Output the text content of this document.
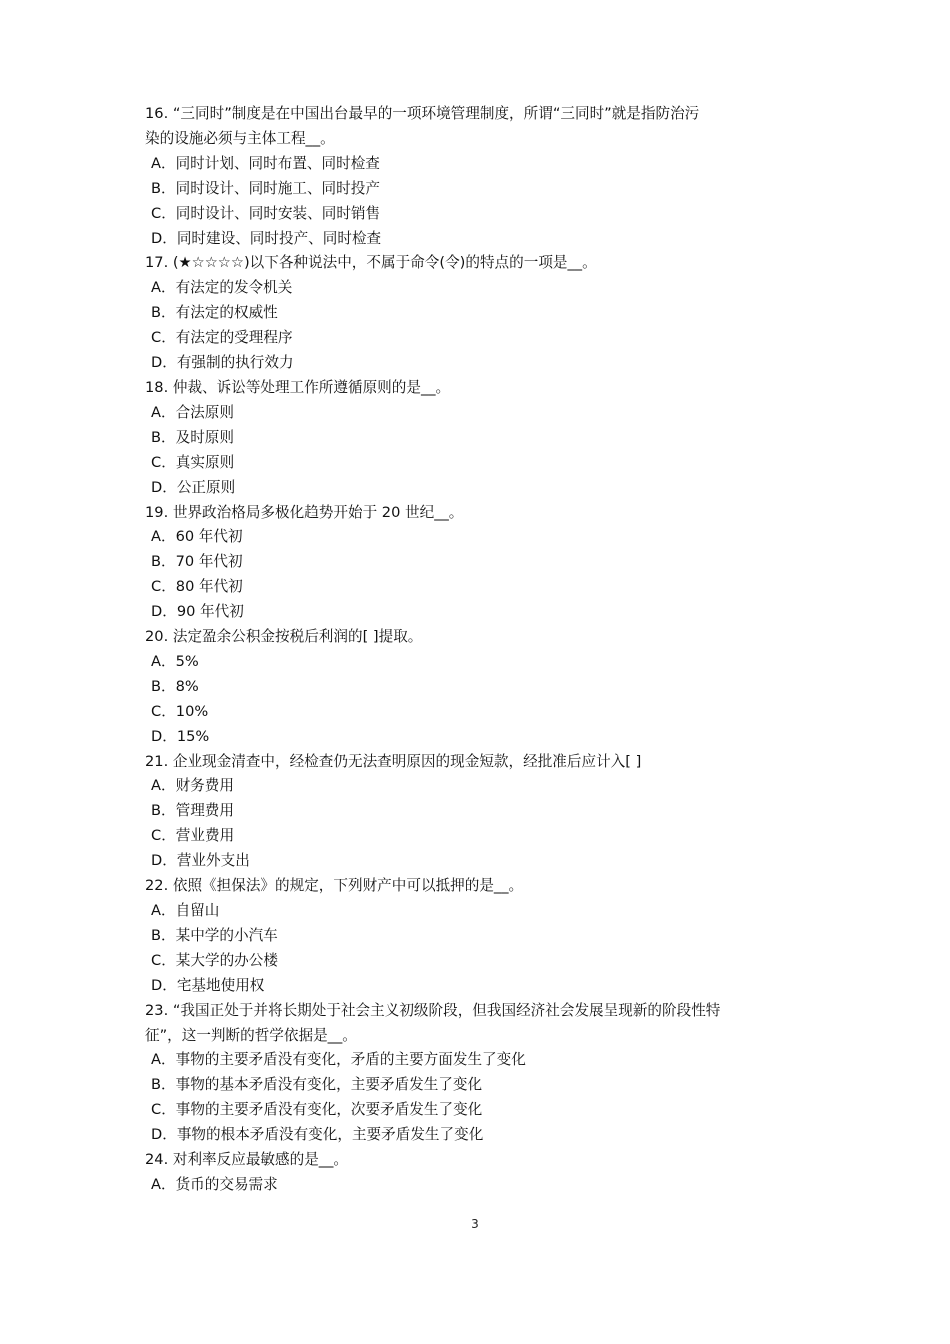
16. “三同时”制度是在中国出台最早的一项环境管理制度，所谓“三同时”就是指防治污
染的设施必须与主体工程__。
A．同时计划、同时布置、同时检查
B．同时设计、同时施工、同时投产
C．同时设计、同时安装、同时销售
D．同时建设、同时投产、同时检查
17. (★☆☆☆☆)以下各种说法中，不属于命令(令)的特点的一项是__。
A．有法定的发令机关
B．有法定的权威性
C．有法定的受理程序
D．有强制的执行效力
18. 仲裁、诉讼等处理工作所遵循原则的是__。
A．合法原则
B．及时原则
C．真实原则
D．公正原则
19. 世界政治格局多极化趋势开始于 20 世纪__。
A．60 年代初
B．70 年代初
C．80 年代初
D．90 年代初
20. 法定盈余公积金按税后利润的[ ]提取。
A．5%
B．8%
C．10%
D．15%
21. 企业现金清查中，经检查仍无法查明原因的现金短款，经批准后应计入[ ]
A．财务费用
B．管理费用
C．营业费用
D．营业外支出
22. 依照《担保法》的规定，下列财产中可以抵押的是__。
A．自留山
B．某中学的小汽车
C．某大学的办公楼
D．宅基地使用权
23. “我国正处于并将长期处于社会主义初级阶段，但我国经济社会发展呈现新的阶段性特
征”，这一判断的哲学依据是__。
A．事物的主要矛盾没有变化，矛盾的主要方面发生了变化
B．事物的基本矛盾没有变化，主要矛盾发生了变化
C．事物的主要矛盾没有变化，次要矛盾发生了变化
D．事物的根本矛盾没有变化，主要矛盾发生了变化
24. 对利率反应最敏感的是__。
A．货币的交易需求
3
